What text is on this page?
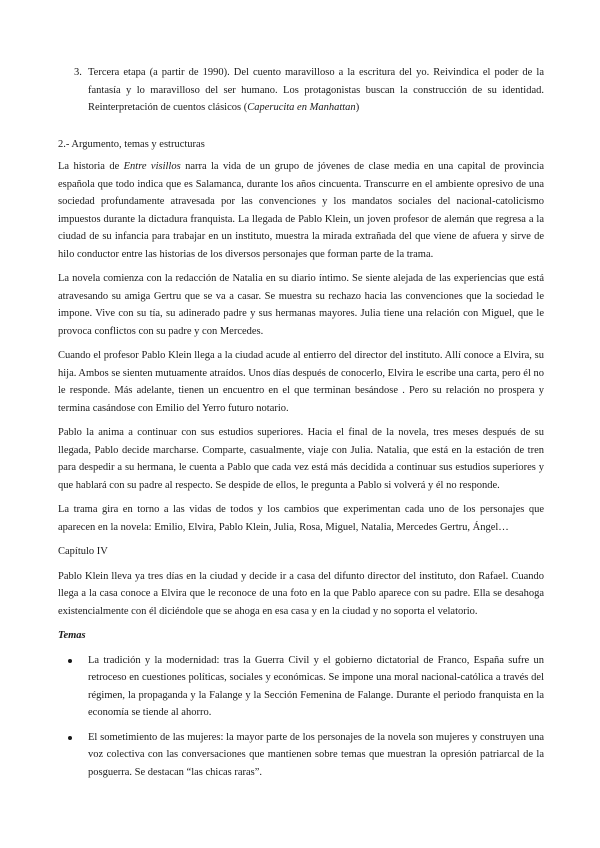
3. Tercera etapa (a partir de 1990). Del cuento maravilloso a la escritura del yo. Reivindica el poder de la fantasía y lo maravilloso del ser humano. Los protagonistas buscan la construcción de su identidad. Reinterpretación de cuentos clásicos (Caperucita en Manhattan)

2.- Argumento, temas y estructuras

La historia de Entre visillos narra la vida de un grupo de jóvenes de clase media en una capital de provincia española que todo indica que es Salamanca, durante los años cincuenta. Transcurre en el ambiente opresivo de una sociedad profundamente atravesada por las convenciones y los mandatos sociales del nacional-catolicismo impuestos durante la dictadura franquista. La llegada de Pablo Klein, un joven profesor de alemán que regresa a la ciudad de su infancia para trabajar en un instituto, muestra la mirada extrañada del que viene de afuera y sirve de hilo conductor entre las historias de los diversos personajes que forman parte de la trama.

La novela comienza con la redacción de Natalia en su diario íntimo. Se siente alejada de las experiencias que está atravesando su amiga Gertru que se va a casar. Se muestra su rechazo hacia las convenciones que la sociedad le impone. Vive con su tía, su adinerado padre y sus hermanas mayores. Julia tiene una relación con Miguel, que le provoca conflictos con su padre y con Mercedes.

Cuando el profesor Pablo Klein llega a la ciudad acude al entierro del director del instituto. Allí conoce a Elvira, su hija. Ambos se sienten mutuamente atraídos. Unos días después de conocerlo, Elvira le escribe una carta, pero él no le responde. Más adelante, tienen un encuentro en el que terminan besándose . Pero su relación no prospera y termina casándose con Emilio del Yerro futuro notario.

Pablo la anima a continuar con sus estudios superiores. Hacia el final de la novela, tres meses después de su llegada, Pablo decide marcharse. Comparte, casualmente, viaje con Julia. Natalia, que está en la estación de tren para despedir a su hermana, le cuenta a Pablo que cada vez está más decidida a continuar sus estudios superiores y que hablará con su padre al respecto. Se despide de ellos, le pregunta a Pablo si volverá y él no responde.

La trama gira en torno a las vidas de todos y los cambios que experimentan cada uno de los personajes que aparecen en la novela: Emilio, Elvira, Pablo Klein, Julia, Rosa, Miguel, Natalia, Mercedes Gertru, Ángel…

Capítulo IV

Pablo Klein lleva ya tres días en la ciudad y decide ir a casa del difunto director del instituto, don Rafael. Cuando llega a la casa conoce a Elvira que le reconoce de una foto en la que Pablo aparece con su padre. Ella se desahoga existencialmente con él diciéndole que se ahoga en esa casa y en la ciudad y no soporta el velatorio.

Temas

La tradición y la modernidad: tras la Guerra Civil y el gobierno dictatorial de Franco, España sufre un retroceso en cuestiones políticas, sociales y económicas. Se impone una moral nacional-católica a través del régimen, la propaganda y la Falange y la Sección Femenina de Falange. Durante el periodo franquista en la economía se tiende al ahorro.

El sometimiento de las mujeres: la mayor parte de los personajes de la novela son mujeres y construyen una voz colectiva con las conversaciones que mantienen sobre temas que muestran la opresión patriarcal de la posguerra. Se destacan “las chicas raras”.
